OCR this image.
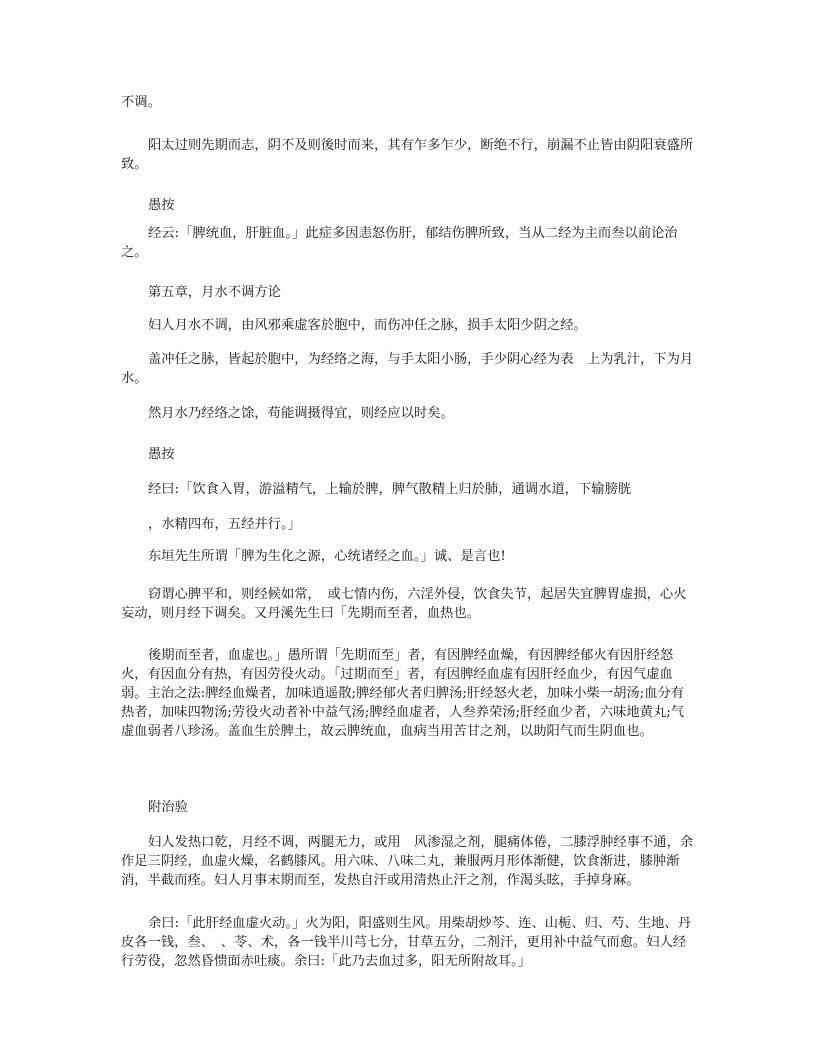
不调。

阳太过则先期而志，阴不及则後时而来，其有乍多乍少，断绝不行，崩漏不止皆由阴阳衰盛所致。

愚按

经云:「脾统血，肝脏血。」此症多因恚怒伤肝，郁结伤脾所致，当从二经为主而叁以前论治之。

第五章，月水不调方论

妇人月水不调，由风邪乘虚客於胞中，而伤冲任之脉，损手太阳少阴之经。

盖冲任之脉，皆起於胞中，为经络之海，与手太阳小肠，手少阴心经为表　上为乳汁，下为月水。

然月水乃经络之馀，苟能调摄得宜，则经应以时矣。

愚按

经曰:「饮食入胃，游溢精气，上输於脾，脾气散精上归於肺，通调水道，下输膀胱

，水精四布，五经并行。」

东垣先生所谓「脾为生化之源，心统诸经之血。」诚、是言也!

窃谓心脾平和，则经候如常，　或七情内伤，六淫外侵，饮食失节，起居失宜脾胃虚损，心火妄动，则月经下调矣。又丹溪先生曰「先期而至者，血热也。

後期而至者，血虚也。」愚所谓「先期而至」者，有因脾经血燥，有因脾经郁火有因肝经怒火，有因血分有热，有因劳役火动。「过期而至」者，有因脾经血虚有因肝经血少，有因气虚血弱。主治之法:脾经血燥者，加味逍遥散;脾经郁火者归脾汤;肝经怒火老，加味小柴一胡汤;血分有热者，加味四物汤;劳役火动者补中益气汤;脾经血虚者，人叁养荣汤;肝经血少者，六味地黄丸;气虚血弱者八珍汤。盖血生於脾土，故云脾统血，血病当用苦甘之剂，以助阳气而生阴血也。

附治验

妇人发热口乾，月经不调，两腿无力，或用　风渗湿之剂，腿痛体倦，二膝浮肿经事不通，余作足三阴经，血虚火燥，名鹤膝风。用六味、八味二丸，兼服两月形体渐健，饮食渐进，膝肿渐消，半截而痊。妇人月事末期而至，发热自汗或用清热止汗之剂，作渴头眩，手掉身麻。

余曰:「此肝经血虚火动。」火为阳，阳盛则生风。用柴胡炒芩、连、山栀、归、芍、生地、丹皮各一钱，叁、　、苓、术，各一钱半川芎七分，甘草五分，二剂汗，更用补中益气而愈。妇人经行劳役，忽然昏愦面赤吐痰。余曰:「此乃去血过多，阳无所附故耳。」
